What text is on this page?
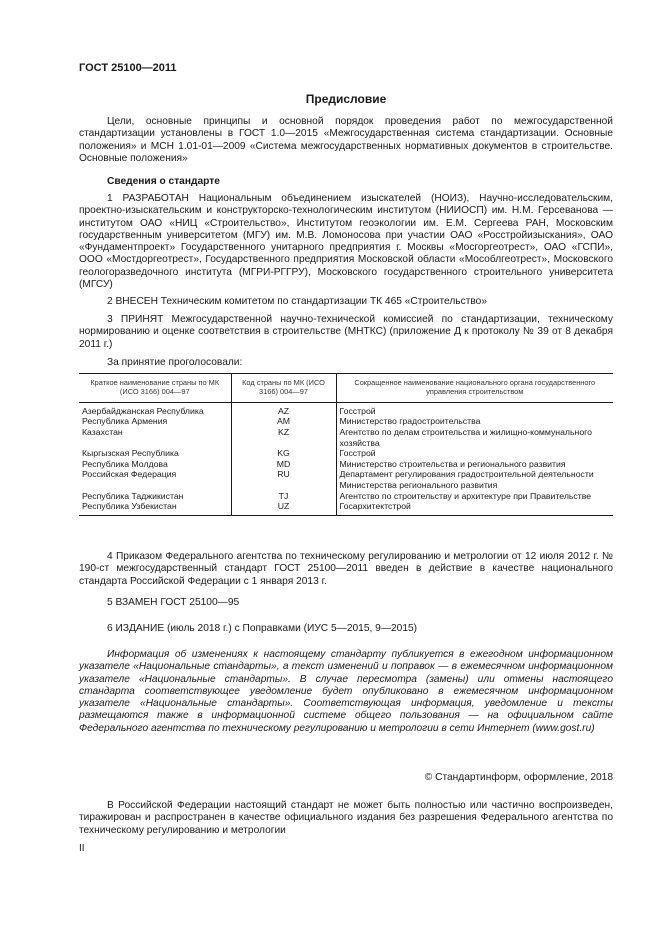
ГОСТ 25100—2011
Предисловие
Цели, основные принципы и основной порядок проведения работ по межгосударственной стандартизации установлены в ГОСТ 1.0—2015 «Межгосударственная система стандартизации. Основные положения» и МСН 1.01-01—2009 «Система межгосударственных нормативных документов в строительстве. Основные положения»
Сведения о стандарте
1 РАЗРАБОТАН Национальным объединением изыскателей (НОИЗ), Научно-исследовательским, проектно-изыскательским и конструкторско-технологическим институтом (НИИОСП) им. Н.М. Герсеванова — институтом ОАО «НИЦ «Строительство», Институтом геоэкологии им. Е.М. Сергеева РАН, Московским государственным университетом (МГУ) им. М.В. Ломоносова при участии ОАО «Росстройизыскания», ОАО «Фундаментпроект» Государственного унитарного предприятия г. Москвы «Мосгоргеотрест», ОАО «ГСПИ», ООО «Мостдоргеотрест», Государственного предприятия Московской области «Мособлгеотрест», Московского геологоразведочного института (МГРИ-РГГРУ), Московского государственного строительного университета (МГСУ)
2 ВНЕСЕН Техническим комитетом по стандартизации ТК 465 «Строительство»
3 ПРИНЯТ Межгосударственной научно-технической комиссией по стандартизации, техническому нормированию и оценке соответствия в строительстве (МНТКС) (приложение Д к протоколу № 39 от 8 декабря 2011 г.)
За принятие проголосовали:
Краткое наименование страны по МК (ИСО 3166) 004—97	Код страны по МК (ИСО 3166) 004—97	Сокращенное наименование национального органа государственного управления строительством
Азербайджанская Республика	AZ	Госстрой
Республика Армения	AM	Министерство градостроительства
Казахстан	KZ	Агентство по делам строительства и жилищно-коммунального хозяйства
Кыргызская Республика	KG	Госстрой
Республика Молдова	MD	Министерство строительства и регионального развития
Российская Федерация	RU	Департамент регулирования градостроительной деятельности Министерства регионального развития
Республика Таджикистан	TJ	Агентство по строительству и архитектуре при Правительстве
Республика Узбекистан	UZ	Госархитектстрой
4 Приказом Федерального агентства по техническому регулированию и метрологии от 12 июля 2012 г. № 190-ст межгосударственный стандарт ГОСТ 25100—2011 введен в действие в качестве национального стандарта Российской Федерации с 1 января 2013 г.
5 ВЗАМЕН ГОСТ 25100—95
6 ИЗДАНИЕ (июль 2018 г.) с Поправками (ИУС 5—2015, 9—2015)
Информация об изменениях к настоящему стандарту публикуется в ежегодном информационном указателе «Национальные стандарты», а текст изменений и поправок — в ежемесячном информационном указателе «Национальные стандарты». В случае пересмотра (замены) или отмены настоящего стандарта соответствующее уведомление будет опубликовано в ежемесячном информационном указателе «Национальные стандарты». Соответствующая информация, уведомление и тексты размещаются также в информационной системе общего пользования — на официальном сайте Федерального агентства по техническому регулированию и метрологии в сети Интернет (www.gost.ru)
© Стандартинформ, оформление, 2018
В Российской Федерации настоящий стандарт не может быть полностью или частично воспроизведен, тиражирован и распространен в качестве официального издания без разрешения Федерального агентства по техническому регулированию и метрологии
II
